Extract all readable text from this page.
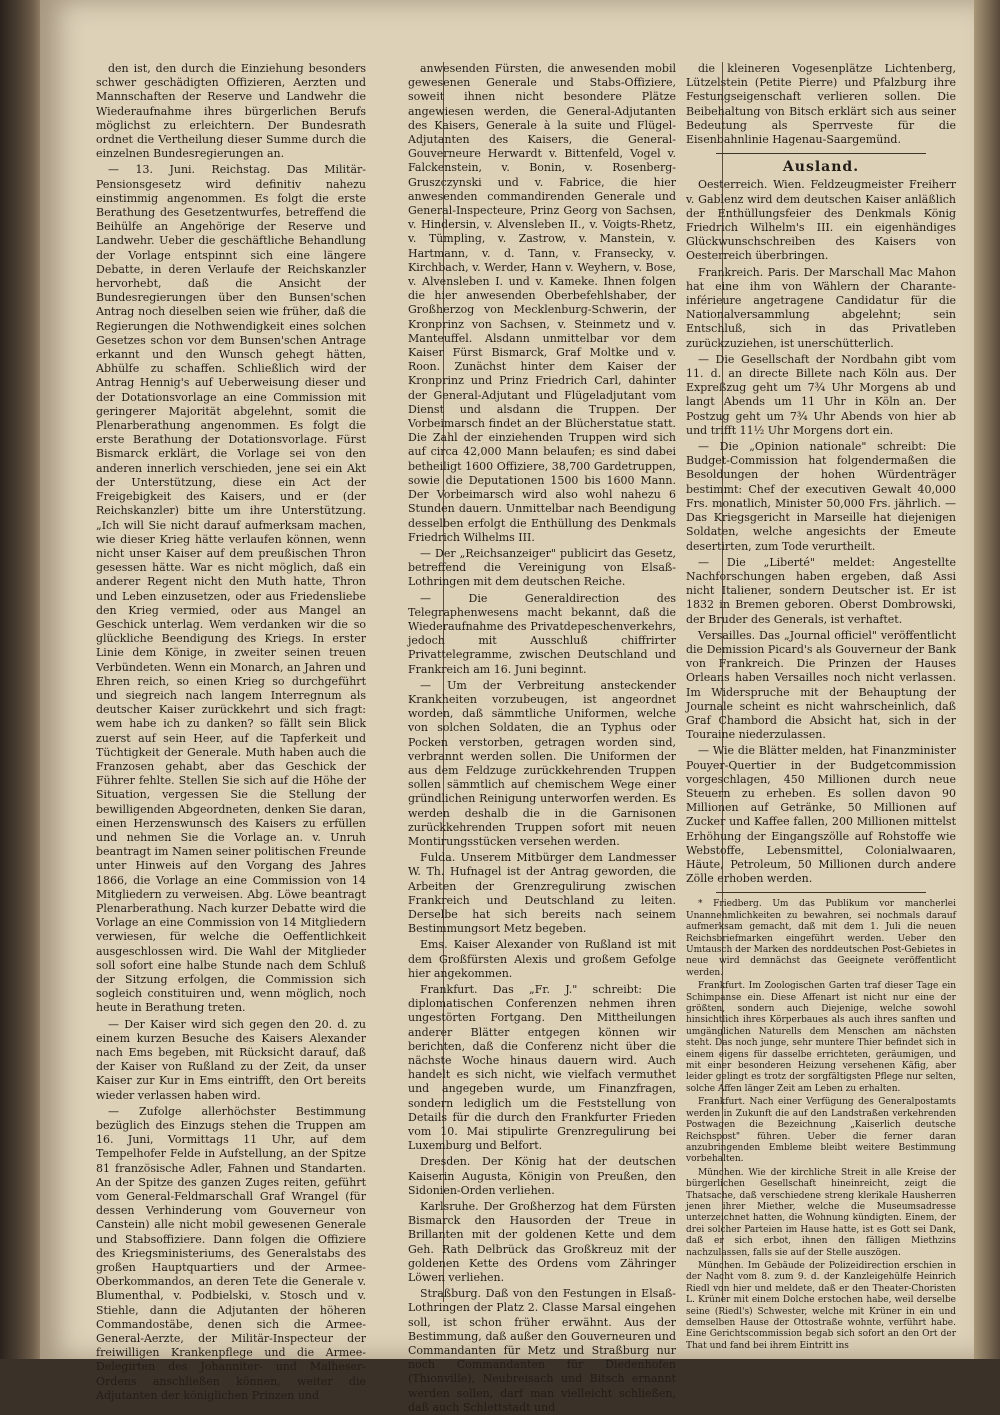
den ist, den durch die Einziehung besonders schwer geschädigten Offizieren, Aerzten und Mannschaften der Reserve und Landwehr die Wiederaufnahme ihres bürgerlichen Berufs möglichst zu erleichtern. Der Bundesrath ordnet die Vertheilung dieser Summe durch die einzelnen Bundesregierungen an.

— 13. Juni. Reichstag. Das Militär-Pensionsgesetz wird definitiv nahezu einstimmig angenommen. Es folgt die erste Berathung des Gesetzentwurfes, betreffend die Beihülfe an Angehörige der Reserve und Landwehr. Ueber die geschäftliche Behandlung der Vorlage entspinnt sich eine längere Debatte, in deren Verlaufe der Reichskanzler hervorhebt, daß die Ansicht der Bundesregierungen über den Bunsen'schen Antrag noch dieselben seien wie früher, daß die Regierungen die Nothwendigkeit eines solchen Gesetzes schon vor dem Bunsen'schen Antrage erkannt und den Wunsch gehegt hätten, Abhülfe zu schaffen. Schließlich wird der Antrag Hennig's auf Ueberweisung dieser und der Dotationsvorlage an eine Commission mit geringerer Majorität abgelehnt, somit die Plenarberathung angenommen. Es folgt die erste Berathung der Dotationsvorlage. Fürst Bismarck erklärt, die Vorlage sei von den anderen innerlich verschieden, jene sei ein Akt der Unterstützung, diese ein Act der Freigebigkeit des Kaisers, und er (der Reichskanzler) bitte um ihre Unterstützung. „Ich will Sie nicht darauf aufmerksam machen, wie dieser Krieg hätte verlaufen können, wenn nicht unser Kaiser auf dem preußischen Thron gesessen hätte. War es nicht möglich, daß ein anderer Regent nicht den Muth hatte, Thron und Leben einzusetzen, oder aus Friedensliebe den Krieg vermied, oder aus Mangel an Geschick unterlag. Wem verdanken wir die so glückliche Beendigung des Kriegs. In erster Linie dem Könige, in zweiter seinen treuen Verbündeten. Wenn ein Monarch, an Jahren und Ehren reich, so einen Krieg so durchgeführt und siegreich nach langem Interregnum als deutscher Kaiser zurückkehrt und sich fragt: wem habe ich zu danken? so fällt sein Blick zuerst auf sein Heer, auf die Tapferkeit und Tüchtigkeit der Generale. Muth haben auch die Franzosen gehabt, aber das Geschick der Führer fehlte. Stellen Sie sich auf die Höhe der Situation, vergessen Sie die Stellung der bewilligenden Abgeordneten, denken Sie daran, einen Herzenswunsch des Kaisers zu erfüllen und nehmen Sie die Vorlage an. v. Unruh beantragt im Namen seiner politischen Freunde unter Hinweis auf den Vorgang des Jahres 1866, die Vorlage an eine Commission von 14 Mitgliedern zu verweisen. Abg. Löwe beantragt Plenarberathung. Nach kurzer Debatte wird die Vorlage an eine Commission von 14 Mitgliedern verwiesen, für welche die Oeffentlichkeit ausgeschlossen wird. Die Wahl der Mitglieder soll sofort eine halbe Stunde nach dem Schluß der Sitzung erfolgen, die Commission sich sogleich constituiren und, wenn möglich, noch heute in Berathung treten.

— Der Kaiser wird sich gegen den 20. d. zu einem kurzen Besuche des Kaisers Alexander nach Ems begeben, mit Rücksicht darauf, daß der Kaiser von Rußland zu der Zeit, da unser Kaiser zur Kur in Ems eintrifft, den Ort bereits wieder verlassen haben wird.

— Zufolge allerhöchster Bestimmung bezüglich des Einzugs stehen die Truppen am 16. Juni, Vormittags 11 Uhr, auf dem Tempelhofer Felde in Aufstellung, an der Spitze 81 französische Adler, Fahnen und Standarten. An der Spitze des ganzen Zuges reiten, geführt vom General-Feldmarschall Graf Wrangel (für dessen Verhinderung vom Gouverneur von Canstein) alle nicht mobil gewesenen Generale und Stabsoffiziere. Dann folgen die Offiziere des Kriegsministeriums, des Generalstabs des großen Hauptquartiers und der Armee-Oberkommandos, an deren Tete die Generale v. Blumenthal, v. Podbielski, v. Stosch und v. Stiehle, dann die Adjutanten der höheren Commandostäbe, denen sich die Armee-General-Aerzte, der Militär-Inspecteur der freiwilligen Krankenpflege und die Armee-Delegirten des Johanniter- und Malheser-Ordens anschließen können, weiter die Adjutanten der königlichen Prinzen und

anwesenden Fürsten, die anwesenden mobil gewesenen Generale und Stabs-Offiziere, soweit ihnen nicht besondere Plätze angewiesen werden, die General-Adjutanten des Kaisers, Generale à la suite und Flügel-Adjutanten des Kaisers, die General-Gouverneure Herwardt v. Bittenfeld, Vogel v. Falckenstein, v. Bonin, v. Rosenberg-Gruszczynski und v. Fabrice, die hier anwesenden commandirenden Generale und General-Inspecteure, Prinz Georg von Sachsen, v. Hindersin, v. Alvensleben II., v. Voigts-Rhetz, v. Tümpling, v. Zastrow, v. Manstein, v. Hartmann, v. d. Tann, v. Fransecky, v. Kirchbach, v. Werder, Hann v. Weyhern, v. Bose, v. Alvensleben I. und v. Kameke. Ihnen folgen die hier anwesenden Oberbefehlshaber, der Großherzog von Mecklenburg-Schwerin, der Kronprinz von Sachsen, v. Steinmetz und v. Manteuffel. Alsdann unmittelbar vor dem Kaiser Fürst Bismarck, Graf Moltke und v. Roon. Zunächst hinter dem Kaiser der Kronprinz und Prinz Friedrich Carl, dahinter der General-Adjutant und Flügeladjutant vom Dienst und alsdann die Truppen. Der Vorbeimarsch findet an der Blücherstatue statt. Die Zahl der einziehenden Truppen wird sich auf circa 42,000 Mann belaufen; es sind dabei betheiligt 1600 Offiziere, 38,700 Gardetruppen, sowie die Deputationen 1500 bis 1600 Mann. Der Vorbeimarsch wird also wohl nahezu 6 Stunden dauern. Unmittelbar nach Beendigung desselben erfolgt die Enthüllung des Denkmals Friedrich Wilhelms III.

— Der „Reichsanzeiger" publicirt das Gesetz, betreffend die Vereinigung von Elsaß-Lothringen mit dem deutschen Reiche.

— Die Generaldirection des Telegraphenwesens macht bekannt, daß die Wiederaufnahme des Privatdepeschenverkehrs, jedoch mit Ausschluß chiffrirter Privattelegramme, zwischen Deutschland und Frankreich am 16. Juni beginnt.

— Um der Verbreitung ansteckender Krankheiten vorzubeugen, ist angeordnet worden, daß sämmtliche Uniformen, welche von solchen Soldaten, die an Typhus oder Pocken verstorben, getragen worden sind, verbrannt werden sollen. Die Uniformen der aus dem Feldzuge zurückkehrenden Truppen sollen sämmtlich auf chemischem Wege einer gründlichen Reinigung unterworfen werden. Es werden deshalb die in die Garnisonen zurückkehrenden Truppen sofort mit neuen Montirungsstücken versehen werden.

Fulda. Unserem Mitbürger dem Landmesser W. Th. Hufnagel ist der Antrag geworden, die Arbeiten der Grenzregulirung zwischen Frankreich und Deutschland zu leiten. Derselbe hat sich bereits nach seinem Bestimmungsort Metz begeben.

Ems. Kaiser Alexander von Rußland ist mit dem Großfürsten Alexis und großem Gefolge hier angekommen.

Frankfurt. Das „Fr. J." schreibt: Die diplomatischen Conferenzen nehmen ihren ungestörten Fortgang. Den Mittheilungen anderer Blätter entgegen können wir berichten, daß die Conferenz nicht über die nächste Woche hinaus dauern wird. Auch handelt es sich nicht, wie vielfach vermuthet und angegeben wurde, um Finanzfragen, sondern lediglich um die Feststellung von Details für die durch den Frankfurter Frieden vom 10. Mai stipulirte Grenzregulirung bei Luxemburg und Belfort.

Dresden. Der König hat der deutschen Kaiserin Augusta, Königin von Preußen, den Sidonien-Orden verliehen.

Karlsruhe. Der Großherzog hat dem Fürsten Bismarck den Hausorden der Treue in Brillanten mit der goldenen Kette und dem Geh. Rath Delbrück das Großkreuz mit der goldenen Kette des Ordens vom Zähringer Löwen verliehen.

Straßburg. Daß von den Festungen in Elsaß-Lothringen der Platz 2. Classe Marsal eingehen soll, ist schon früher erwähnt. Aus der Bestimmung, daß außer den Gouverneuren und Commandanten für Metz und Straßburg nur noch Commandanten für Diedenhofen (Thionville), Neubreisach und Bitsch ernannt werden sollen, darf man vielleicht schließen, daß auch Schlettstadt und

die kleineren Vogesenplätze Lichtenberg, Lützelstein (Petite Pierre) und Pfalzburg ihre Festungseigenschaft verlieren sollen. Die Beibehaltung von Bitsch erklärt sich aus seiner Bedeutung als Sperrveste für die Eisenbahnlinie Hagenau-Saargemünd.

Ausland.

Oesterreich. Wien. Feldzeugmeister Freiherr v. Gablenz wird dem deutschen Kaiser anläßlich der Enthüllungsfeier des Denkmals König Friedrich Wilhelm's III. ein eigenhändiges Glückwunschschreiben des Kaisers von Oesterreich überbringen.

Frankreich. Paris. Der Marschall Mac Mahon hat eine ihm von Wählern der Charante-inférieure angetragene Candidatur für die Nationalversammlung abgelehnt; sein Entschluß, sich in das Privatleben zurückzuziehen, ist unerschütterlich.

— Die Gesellschaft der Nordbahn gibt vom 11. d. an directe Billete nach Köln aus. Der Expreßzug geht um 7¾ Uhr Morgens ab und langt Abends um 11 Uhr in Köln an. Der Postzug geht um 7¾ Uhr Abends von hier ab und trifft 11½ Uhr Morgens dort ein.

— Die „Opinion nationale" schreibt: Die Budget-Commission hat folgendermaßen die Besoldungen der hohen Würdenträger bestimmt: Chef der executiven Gewalt 40,000 Frs. monatlich, Minister 50,000 Frs. jährlich. — Das Kriegsgericht in Marseille hat diejenigen Soldaten, welche angesichts der Emeute desertirten, zum Tode verurtheilt.

— Die „Liberté" meldet: Angestellte Nachforschungen haben ergeben, daß Assi nicht Italiener, sondern Deutscher ist. Er ist 1832 in Bremen geboren. Oberst Dombrowski, der Bruder des Generals, ist verhaftet.

Versailles. Das „Journal officiel" veröffentlicht die Demission Picard's als Gouverneur der Bank von Frankreich. Die Prinzen der Hauses Orleans haben Versailles noch nicht verlassen. Im Widerspruche mit der Behauptung der Journale scheint es nicht wahrscheinlich, daß Graf Chambord die Absicht hat, sich in der Touraine niederzulassen.

— Wie die Blätter melden, hat Finanzminister Pouyer-Quertier in der Budgetcommission vorgeschlagen, 450 Millionen durch neue Steuern zu erheben. Es sollen davon 90 Millionen auf Getränke, 50 Millionen auf Zucker und Kaffee fallen, 200 Millionen mittelst Erhöhung der Eingangszölle auf Rohstoffe wie Webstoffe, Lebensmittel, Colonialwaaren, Häute, Petroleum, 50 Millionen durch andere Zölle erhoben werden.

* Friedberg. Um das Publikum vor mancherlei Unannehmlichkeiten zu bewahren, sei nochmals darauf aufmerksam gemacht, daß mit dem 1. Juli die neuen Reichsbriefmarken eingeführt werden. Ueber den Umtausch der Marken des norddeutschen Post-Gebietes in neue wird demnächst das Geeignete veröffentlicht werden.

Frankfurt. Im Zoologischen Garten traf dieser Tage ein Schimpanse ein. Diese Affenart ist nicht nur eine der größten, sondern auch Diejenige, welche sowohl hinsichtlich ihres Körperbaues als auch ihres sanften und umgänglichen Naturells dem Menschen am nächsten steht. Das noch junge, sehr muntere Thier befindet sich in einem eigens für dasselbe errichteten, geräumigen, und mit einer besonderen Heizung versehenen Käfig, aber leider gelingt es trotz der sorgfältigsten Pflege nur selten, solche Affen länger Zeit am Leben zu erhalten.

Frankfurt. Nach einer Verfügung des Generalpostamts werden in Zukunft die auf den Landstraßen verkehrenden Postwagen die Bezeichnung „Kaiserlich deutsche Reichspost" führen. Ueber die ferner daran anzubringenden Embleme bleibt weitere Bestimmung vorbehalten.

München. Wie der kirchliche Streit in alle Kreise der bürgerlichen Gesellschaft hineinreicht, zeigt die Thatsache, daß verschiedene streng klerikale Hausherren jenen ihrer Miether, welche die Museumsadresse unterzeichnet hatten, die Wohnung kündigten. Einem, der drei solcher Parteien im Hause hatte, ist es Gott sei Dank, daß er sich erbot, ihnen den fälligen Miethzins nachzulassen, falls sie auf der Stelle auszögen.

München. Im Gebäude der Polizeidirection erschien in der Nacht vom 8. zum 9. d. der Kanzleigehülfe Heinrich Riedl von hier und meldete, daß er den Theater-Choristen L. Krüner mit einem Dolche erstochen habe, weil derselbe seine (Riedl's) Schwester, welche mit Krüner in ein und demselben Hause der Ottostraße wohnte, verführt habe. Eine Gerichtscommission begab sich sofort an den Ort der That und fand bei ihrem Eintritt ins
